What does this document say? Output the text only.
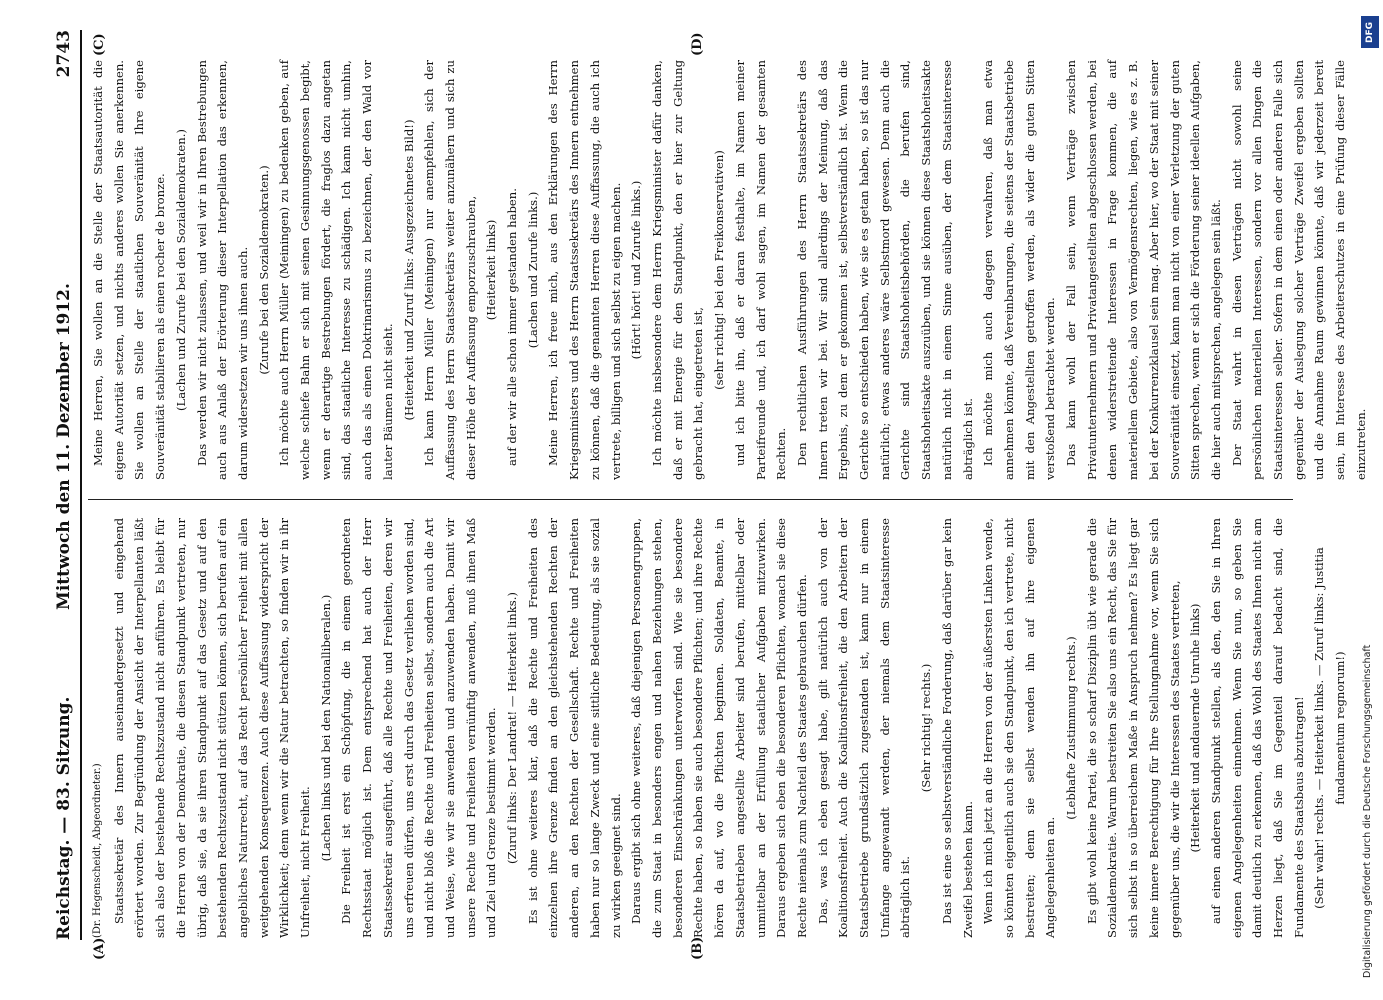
Reichstag. — 83. Sitzung.
Mittwoch den 11. Dezember 1912.
2743
(A)	(B)
(C)	(D)

(Dr. Hegenscheidt, Abgeordneter.) Staatssekretär des Innern auseinandergesetzt und eingehend erörtert worden. Zur Begründung der Ansicht der Interpellanten läßt sich also der bestehende Rechtszustand nicht anführen. Es bleibt für die Herren von der Demokratie, die diesen Standpunkt vertreten, nur übrig, daß sie, da sie ihren Standpunkt auf das Gesetz und auf den bestehenden Rechtszustand nicht stützen können, sich berufen auf ein angebliches Naturrecht, auf das Recht persönlicher Freiheit mit allen weitgehenden Konsequenzen. Auch diese Auffassung widerspricht der Wirklichkeit; denn wenn wir die Natur betrachten, so finden wir in ihr Unfreiheit, nicht Freiheit.

(Lachen links und bei den Nationalliberalen.) Die Freiheit ist erst ein Schöpfung, die in einem geordneten Rechtsstaat möglich ist. Dem entsprechend hat auch der Herr Staatssekretär ausgeführt, daß alle Rechte und Freiheiten, deren wir uns erfreuen dürfen, uns erst durch das Gesetz verliehen worden sind, und nicht bloß die Rechte und Freiheiten selbst, sondern auch die Art und Weise, wie wir sie anwenden und anzuwenden haben. Damit wir unsere Rechte und Freiheiten vernünftig anwenden, muß ihnen Maß und Ziel und Grenze bestimmt werden. (Zuruf links: Der Landrat! — Heiterkeit links.) Es ist ohne weiteres klar, daß die Rechte und Freiheiten des einzelnen ihre Grenze finden an den gleichstehenden Rechten der anderen, an den Rechten der Gesellschaft. Rechte und Freiheiten haben nur so lange Zweck und eine sittliche Bedeutung, als sie sozial zu wirken geeignet sind. Daraus ergibt sich ohne weiteres, daß diejenigen Personengruppen, die zum Staat in besonders engen und nahen Beziehungen stehen, besonderen Einschränkungen unterworfen sind. Wie sie besondere Rechte haben, so haben sie auch besondere Pflichten; und ihre Rechte hören da auf, wo die Pflichten beginnen. Soldaten, Beamte, in Staatsbetrieben angestellte Arbeiter sind berufen, mittelbar oder unmittelbar an der Erfüllung staatlicher Aufgaben mitzuwirken. Daraus ergeben sich eben die besonderen Pflichten, wonach sie diese Rechte niemals zum Nachteil des Staates gebrauchen dürfen. Das, was ich eben gesagt habe, gilt natürlich auch von der Koalitionsfreiheit. Auch die Koalitionsfreiheit, die den Arbeitern der Staatsbetriebe grundsätzlich zugestanden ist, kann nur in einem Umfange angewandt werden, der niemals dem Staatsinteresse abträglich ist.

(Sehr richtig! rechts.) Das ist eine so selbstverständliche Forderung, daß darüber gar kein Zweifel bestehen kann. Wenn ich mich jetzt an die Herren von der äußersten Linken wende, so könnten eigentlich auch sie den Standpunkt, den ich vertrete, nicht bestreiten; denn sie selbst wenden ihn auf ihre eigenen Angelegenheiten an.

(Lebhafte Zustimmung rechts.) Es gibt wohl keine Partei, die so scharf Disziplin übt wie gerade die Sozialdemokratie. Warum bestreiten Sie also uns ein Recht, das Sie für sich selbst in so überreichem Maße in Anspruch nehmen? Es liegt gar keine innere Berechtigung für Ihre Stellungnahme vor, wenn Sie sich gegenüber uns, die wir die Interessen des Staates vertreten, (Heiterkeit und andauernde Unruhe links) auf einen anderen Standpunkt stellen, als den, den Sie in Ihren eigenen Angelegenheiten einnehmen. Wenn Sie nun, so geben Sie damit deutlich zu erkennen, daß das Wohl des Staates Ihnen nicht am Herzen liegt, daß Sie im Gegenteil darauf bedacht sind, die Fundamente des Staatsbaus abzutragen! (Sehr wahr! rechts. — Heiterkeit links. — Zuruf links: Justitia fundamentum regnorum!)

Meine Herren, Sie wollen an die Stelle der Staatsautorität die eigene Autorität setzen, und nichts anderes wollen Sie anerkennen. Sie wollen an Stelle der staatlichen Souveränität Ihre eigene Souveränität stabilieren als einen rocher de bronze. (Lachen und Zurufe bei den Sozialdemokraten.) Das werden wir nicht zulassen, und weil wir in Ihren Bestrebungen auch aus Anlaß der Erörterung dieser Interpellation das erkennen, darum widersetzen wir uns ihnen auch. (Zurufe bei den Sozialdemokraten.) Ich möchte auch Herrn Müller (Meiningen) zu bedenken geben, auf welche schiefe Bahn er sich mit seinen Gesinnungsgenossen begibt, wenn er derartige Bestrebungen fördert, die fraglos dazu angetan sind, das staatliche Interesse zu schädigen. Ich kann nicht umhin, auch das als einen Doktrinarismus zu bezeichnen, der den Wald vor lauter Bäumen nicht sieht. (Heiterkeit und Zuruf links: Ausgezeichnetes Bild!) Ich kann Herrn Müller (Meiningen) nur anempfehlen, sich der Auffassung des Herrn Staatssekretärs weiter anzunähern und sich zu dieser Höhe der Auffassung emporzuschrauben, (Heiterkeit links) auf der wir alle schon immer gestanden haben. (Lachen und Zurufe links.) Meine Herren, ich freue mich, aus den Erklärungen des Herrn Kriegsministers und des Herrn Staatssekretärs des Innern entnehmen zu können, daß die genannten Herren diese Auffassung, die auch ich vertrete, billigen und sich selbst zu eigen machen. (Hört! hört! und Zurufe links.) Ich möchte insbesondere dem Herrn Kriegsminister dafür danken, daß er mit Energie für den Standpunkt, den er hier zur Geltung gebracht hat, eingetreten ist,

(sehr richtig! bei den Freikonservativen) und ich bitte ihn, daß er daran festhalte, im Namen meiner Parteifreunde und, ich darf wohl sagen, im Namen der gesamten Rechten. Den rechtlichen Ausführungen des Herrn Staatssekretärs des Innern treten wir bei. Wir sind allerdings der Meinung, daß das Ergebnis, zu dem er gekommen ist, selbstverständlich ist. Wenn die Gerichte so entschieden haben, wie sie es getan haben, so ist das nur natürlich; etwas anderes wäre Selbstmord gewesen. Denn auch die Gerichte sind Staatshoheitsbehörden, die berufen sind, Staatshoheitsakte auszuüben, und sie können diese Staatshoheitsakte natürlich nicht in einem Sinne ausüben, der dem Staatsinteresse abträglich ist. Ich möchte mich auch dagegen verwahren, daß man etwa annehmen könnte, daß Vereinbarungen, die seitens der Staatsbetriebe mit den Angestellten getroffen werden, als wider die guten Sitten verstoßend betrachtet werden. Das kann wohl der Fall sein, wenn Verträge zwischen Privatunternehmern und Privatangestellten abgeschlossen werden, bei denen widerstreitende Interessen in Frage kommen, die auf materiellem Gebiete, also von Vermögensrechten, liegen, wie es z. B. bei der Konkurrenzklausel sein mag. Aber hier, wo der Staat mit seiner Souveränität einsetzt, kann man nicht von einer Verletzung der guten Sitten sprechen, wenn er sich die Förderung seiner ideellen Aufgaben, die hier auch mitsprechen, angelegen sein läßt. Der Staat wahrt in diesen Verträgen nicht sowohl seine persönlichen materiellen Interessen, sondern vor allen Dingen die Staatsinteressen selber. Sofern in dem einen oder anderen Falle sich gegenüber der Auslegung solcher Verträge Zweifel ergeben sollten und die Annahme Raum gewinnen könnte, daß wir jederzeit bereit sein, im Interesse des Arbeiterschutzes in eine Prüfung dieser Fälle einzutreten.

DFG
Digitalisierung gefördert durch die Deutsche Forschungsgemeinschaft
